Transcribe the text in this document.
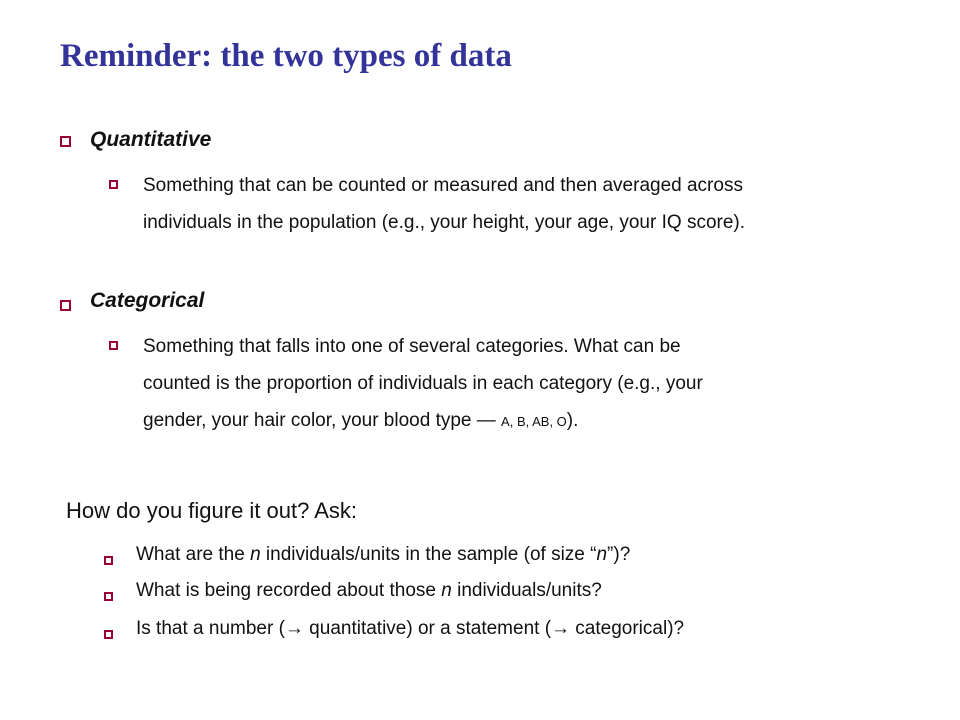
Reminder: the two types of data
Quantitative
Something that can be counted or measured and then averaged across
individuals in the population (e.g., your height, your age, your IQ score).
Categorical
Something that falls into one of several categories. What can be
counted is the proportion of individuals in each category (e.g., your
gender, your hair color, your blood type — A, B, AB, O).
How do you figure it out? Ask:
What are the n individuals/units in the sample (of size “n”)?
What is being recorded about those n individuals/units?
Is that a number (→ quantitative) or a statement (→ categorical)?
